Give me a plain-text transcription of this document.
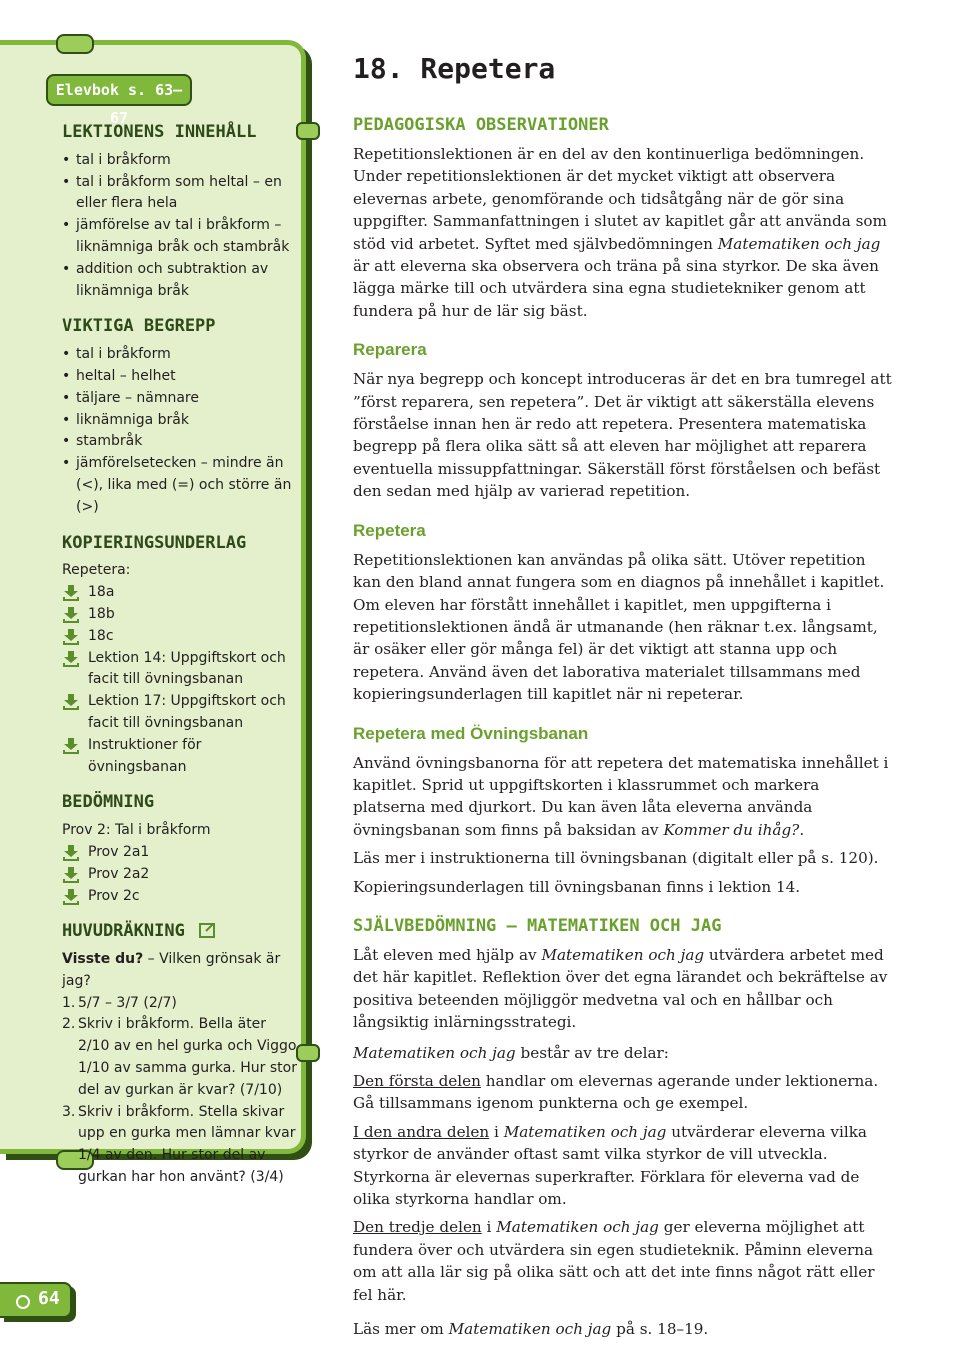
Elevbok s. 63–67
LEKTIONENS INNEHÅLL
• tal i bråkform
• tal i bråkform som heltal – en eller flera hela
• jämförelse av tal i bråkform – liknämniga bråk och stambråk
• addition och subtraktion av liknämniga bråk
VIKTIGA BEGREPP
• tal i bråkform
• heltal – helhet
• täljare – nämnare
• liknämniga bråk
• stambråk
• jämförelsetecken – mindre än (<), lika med (=) och större än (>)
KOPIERINGSUNDERLAG
Repetera:
18a
18b
18c
Lektion 14: Uppgiftskort och facit till övningsbanan
Lektion 17: Uppgiftskort och facit till övningsbanan
Instruktioner för övningsbanan
BEDÖMNING
Prov 2: Tal i bråkform
Prov 2a1
Prov 2a2
Prov 2c
HUVUDRÄKNING
Visste du? – Vilken grönsak är jag?
1. 5/7 – 3/7 (2/7)
2. Skriv i bråkform. Bella äter 2/10 av en hel gurka och Viggo 1/10 av samma gurka. Hur stor del av gurkan är kvar? (7/10)
3. Skriv i bråkform. Stella skivar upp en gurka men lämnar kvar 1/4 av den. Hur stor del av gurkan har hon använt? (3/4)
18. Repetera
PEDAGOGISKA OBSERVATIONER

Repetitionslektionen är en del av den kontinuerliga bedömningen. Under repetitionslektionen är det mycket viktigt att observera elevernas arbete, genomförande och tidsåtgång när de gör sina uppgifter. Sammanfattningen i slutet av kapitlet går att använda som stöd vid arbetet. Syftet med självbedömningen Matematiken och jag är att eleverna ska observera och träna på sina styrkor. De ska även lägga märke till och utvärdera sina egna studietekniker genom att fundera på hur de lär sig bäst.

Reparera

När nya begrepp och koncept introduceras är det en bra tumregel att ”först reparera, sen repetera”. Det är viktigt att säkerställa elevens förståelse innan hen är redo att repetera. Presentera matematiska begrepp på flera olika sätt så att eleven har möjlighet att reparera eventuella missuppfattningar. Säkerställ först förståelsen och befäst den sedan med hjälp av varierad repetition.

Repetera

Repetitionslektionen kan användas på olika sätt. Utöver repetition kan den bland annat fungera som en diagnos på innehållet i kapitlet. Om eleven har förstått innehållet i kapitlet, men uppgifterna i repetitionslektionen ändå är utmanande (hen räknar t.ex. långsamt, är osäker eller gör många fel) är det viktigt att stanna upp och repetera. Använd även det laborativa materialet tillsammans med kopieringsunderlagen till kapitlet när ni repeterar.

Repetera med Övningsbanan

Använd övningsbanorna för att repetera det matematiska innehållet i kapitlet. Sprid ut uppgiftskorten i klassrummet och markera platserna med djurkort. Du kan även låta eleverna använda övningsbanan som finns på baksidan av Kommer du ihåg?.

Läs mer i instruktionerna till övningsbanan (digitalt eller på s. 120).

Kopieringsunderlagen till övningsbanan finns i lektion 14.

SJÄLVBEDÖMNING – MATEMATIKEN OCH JAG

Låt eleven med hjälp av Matematiken och jag utvärdera arbetet med det här kapitlet. Reflektion över det egna lärandet och bekräftelse av positiva beteenden möjliggör medvetna val och en hållbar och långsiktig inlärningsstrategi.

Matematiken och jag består av tre delar:

Den första delen handlar om elevernas agerande under lektionerna. Gå tillsammans igenom punkterna och ge exempel.

I den andra delen i Matematiken och jag utvärderar eleverna vilka styrkor de använder oftast samt vilka styrkor de vill utveckla. Styrkorna är elevernas superkrafter. Förklara för eleverna vad de olika styrkorna handlar om.

Den tredje delen i Matematiken och jag ger eleverna möjlighet att fundera över och utvärdera sin egen studieteknik. Påminn eleverna om att alla lär sig på olika sätt och att det inte finns något rätt eller fel här.

Läs mer om Matematiken och jag på s. 18–19.

64
